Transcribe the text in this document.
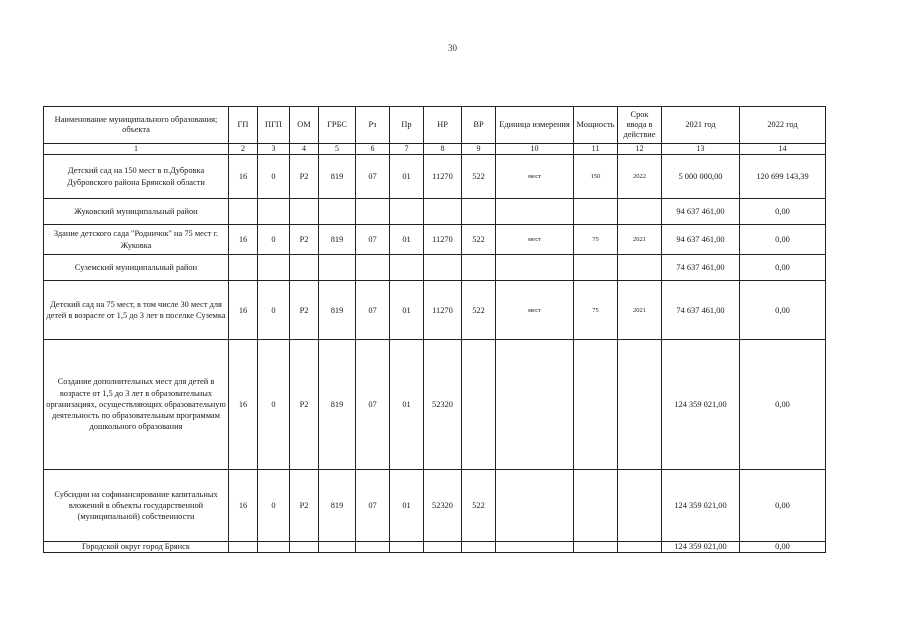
30
Наименование муниципального образования; объекта	ГП	ПГП	ОМ	ГРБС	Рз	Пр	НР	ВР	Единица измерения	Мощность	Срок ввода в действие	2021 год	2022 год
1	2	3	4	5	6	7	8	9	10	11	12	13	14
Детский сад на 150 мест в п.Дубровка Дубровского района Брянской области	16	0	Р2	819	07	01	11270	522	мест	150	2022	5 000 000,00	120 699 143,39
Жуковский муниципальный район												94 637 461,00	0,00
Здание детского сада "Родничок" на 75 мест г. Жуковка	16	0	Р2	819	07	01	11270	522	мест	75	2021	94 637 461,00	0,00
Суземский муниципальный район												74 637 461,00	0,00
Детский сад на 75 мест, в том числе 30 мест для детей в возрасте от 1,5 до 3 лет в поселке Суземка	16	0	Р2	819	07	01	11270	522	мест	75	2021	74 637 461,00	0,00
Создание дополнительных мест для детей в возрасте от 1,5 до 3 лет в образовательных организациях, осуществляющих образовательную деятельность по образовательным программам дошкольного образования	16	0	Р2	819	07	01	52320					124 359 021,00	0,00
Субсидии на софинансирование капитальных вложений в объекты государственной (муниципальной) собственности	16	0	Р2	819	07	01	52320	522				124 359 021,00	0,00
Городской округ город Брянск												124 359 021,00	0,00
